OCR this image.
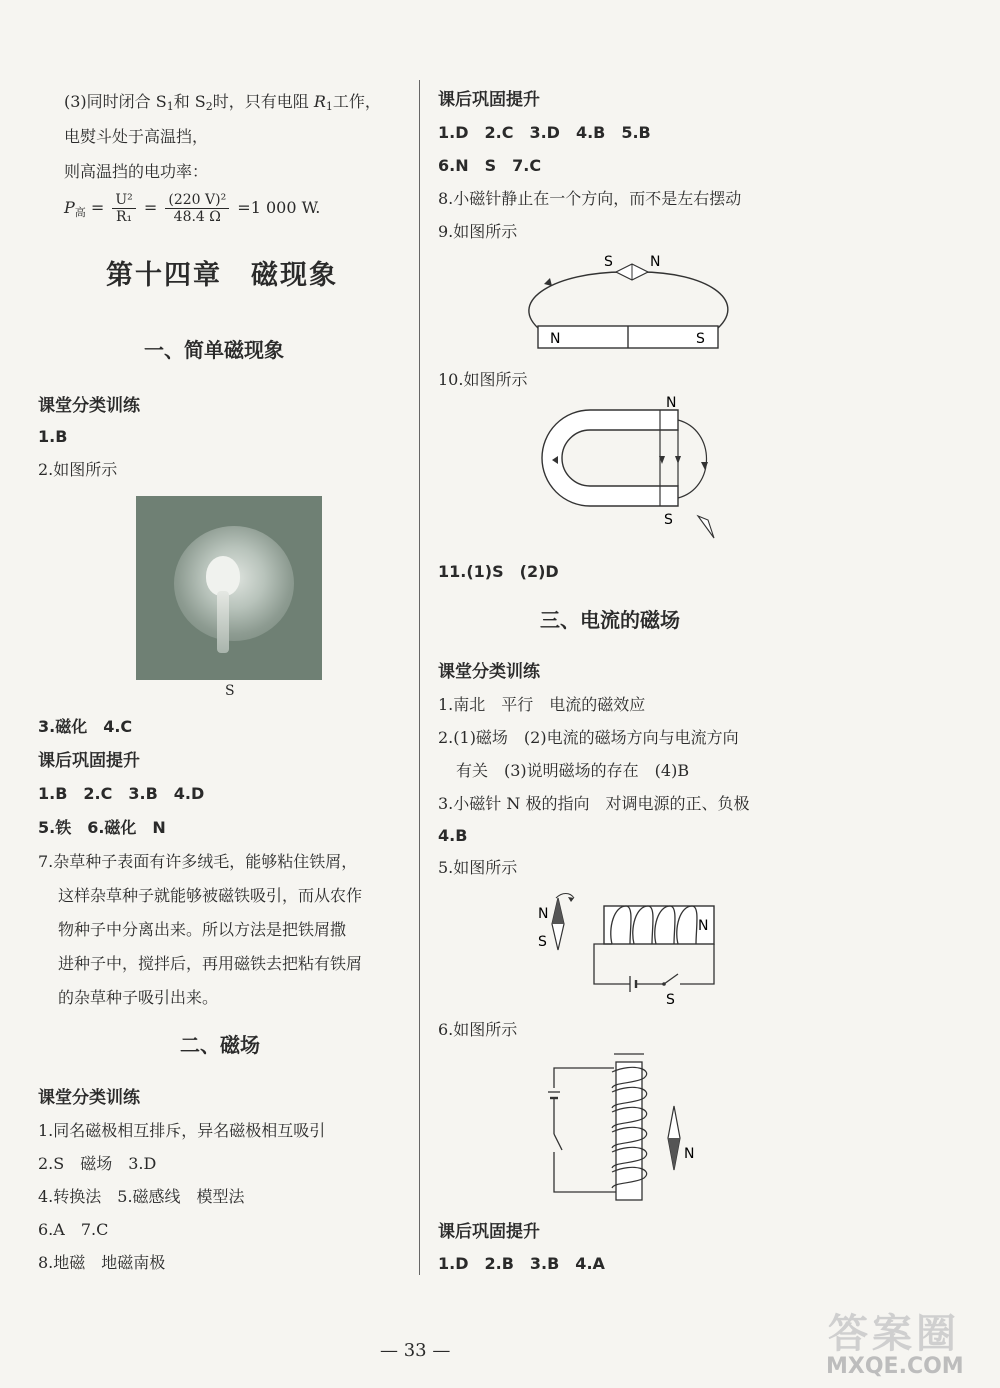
(3)同时闭合 $S_1$和 $S_2$时，只有电阻 $R_1$工作，
电熨斗处于高温挡，
则高温挡的电功率：
$P_高 = \frac{\text{U²}}{\text{R₁}} = \frac{\text{(220 V)²}}{48.4 \Omega} =1$ 000 W.
第十四章　磁现象
一、简单磁现象
课堂分类训练
1.B
2.如图所示
S
3.磁化　4.C
课后巩固提升
1.B　2.C　3.B　4.D
5.铁　6.磁化　N
7.杂草种子表面有许多绒毛，能够粘住铁屑，
这样杂草种子就能够被磁铁吸引，而从农作
物种子中分离出来。所以方法是把铁屑撒
进种子中，搅拌后，再用磁铁去把粘有铁屑
的杂草种子吸引出来。
二、磁场
课堂分类训练
1.同名磁极相互排斥，异名磁极相互吸引
2.S　磁场　3.D
4.转换法　5.磁感线　模型法
6.A　7.C
8.地磁　地磁南极
课后巩固提升
1.D　2.C　3.D　4.B　5.B
6.N　S　7.C
8.小磁针静止在一个方向，而不是左右摆动
9.如图所示
S	N
N	S
10.如图所示
N
S
11.(1)S　(2)D
三、电流的磁场
课堂分类训练
1.南北　平行　电流的磁效应
2.(1)磁场　(2)电流的磁场方向与电流方向
有关　(3)说明磁场的存在　(4)B
3.小磁针 N 极的指向　对调电源的正、负极
4.B
5.如图所示
N
S
N
S
6.如图所示
N
课后巩固提升
1.D　2.B　3.B　4.A
— 33 —	答案圈
MXQE.COM
